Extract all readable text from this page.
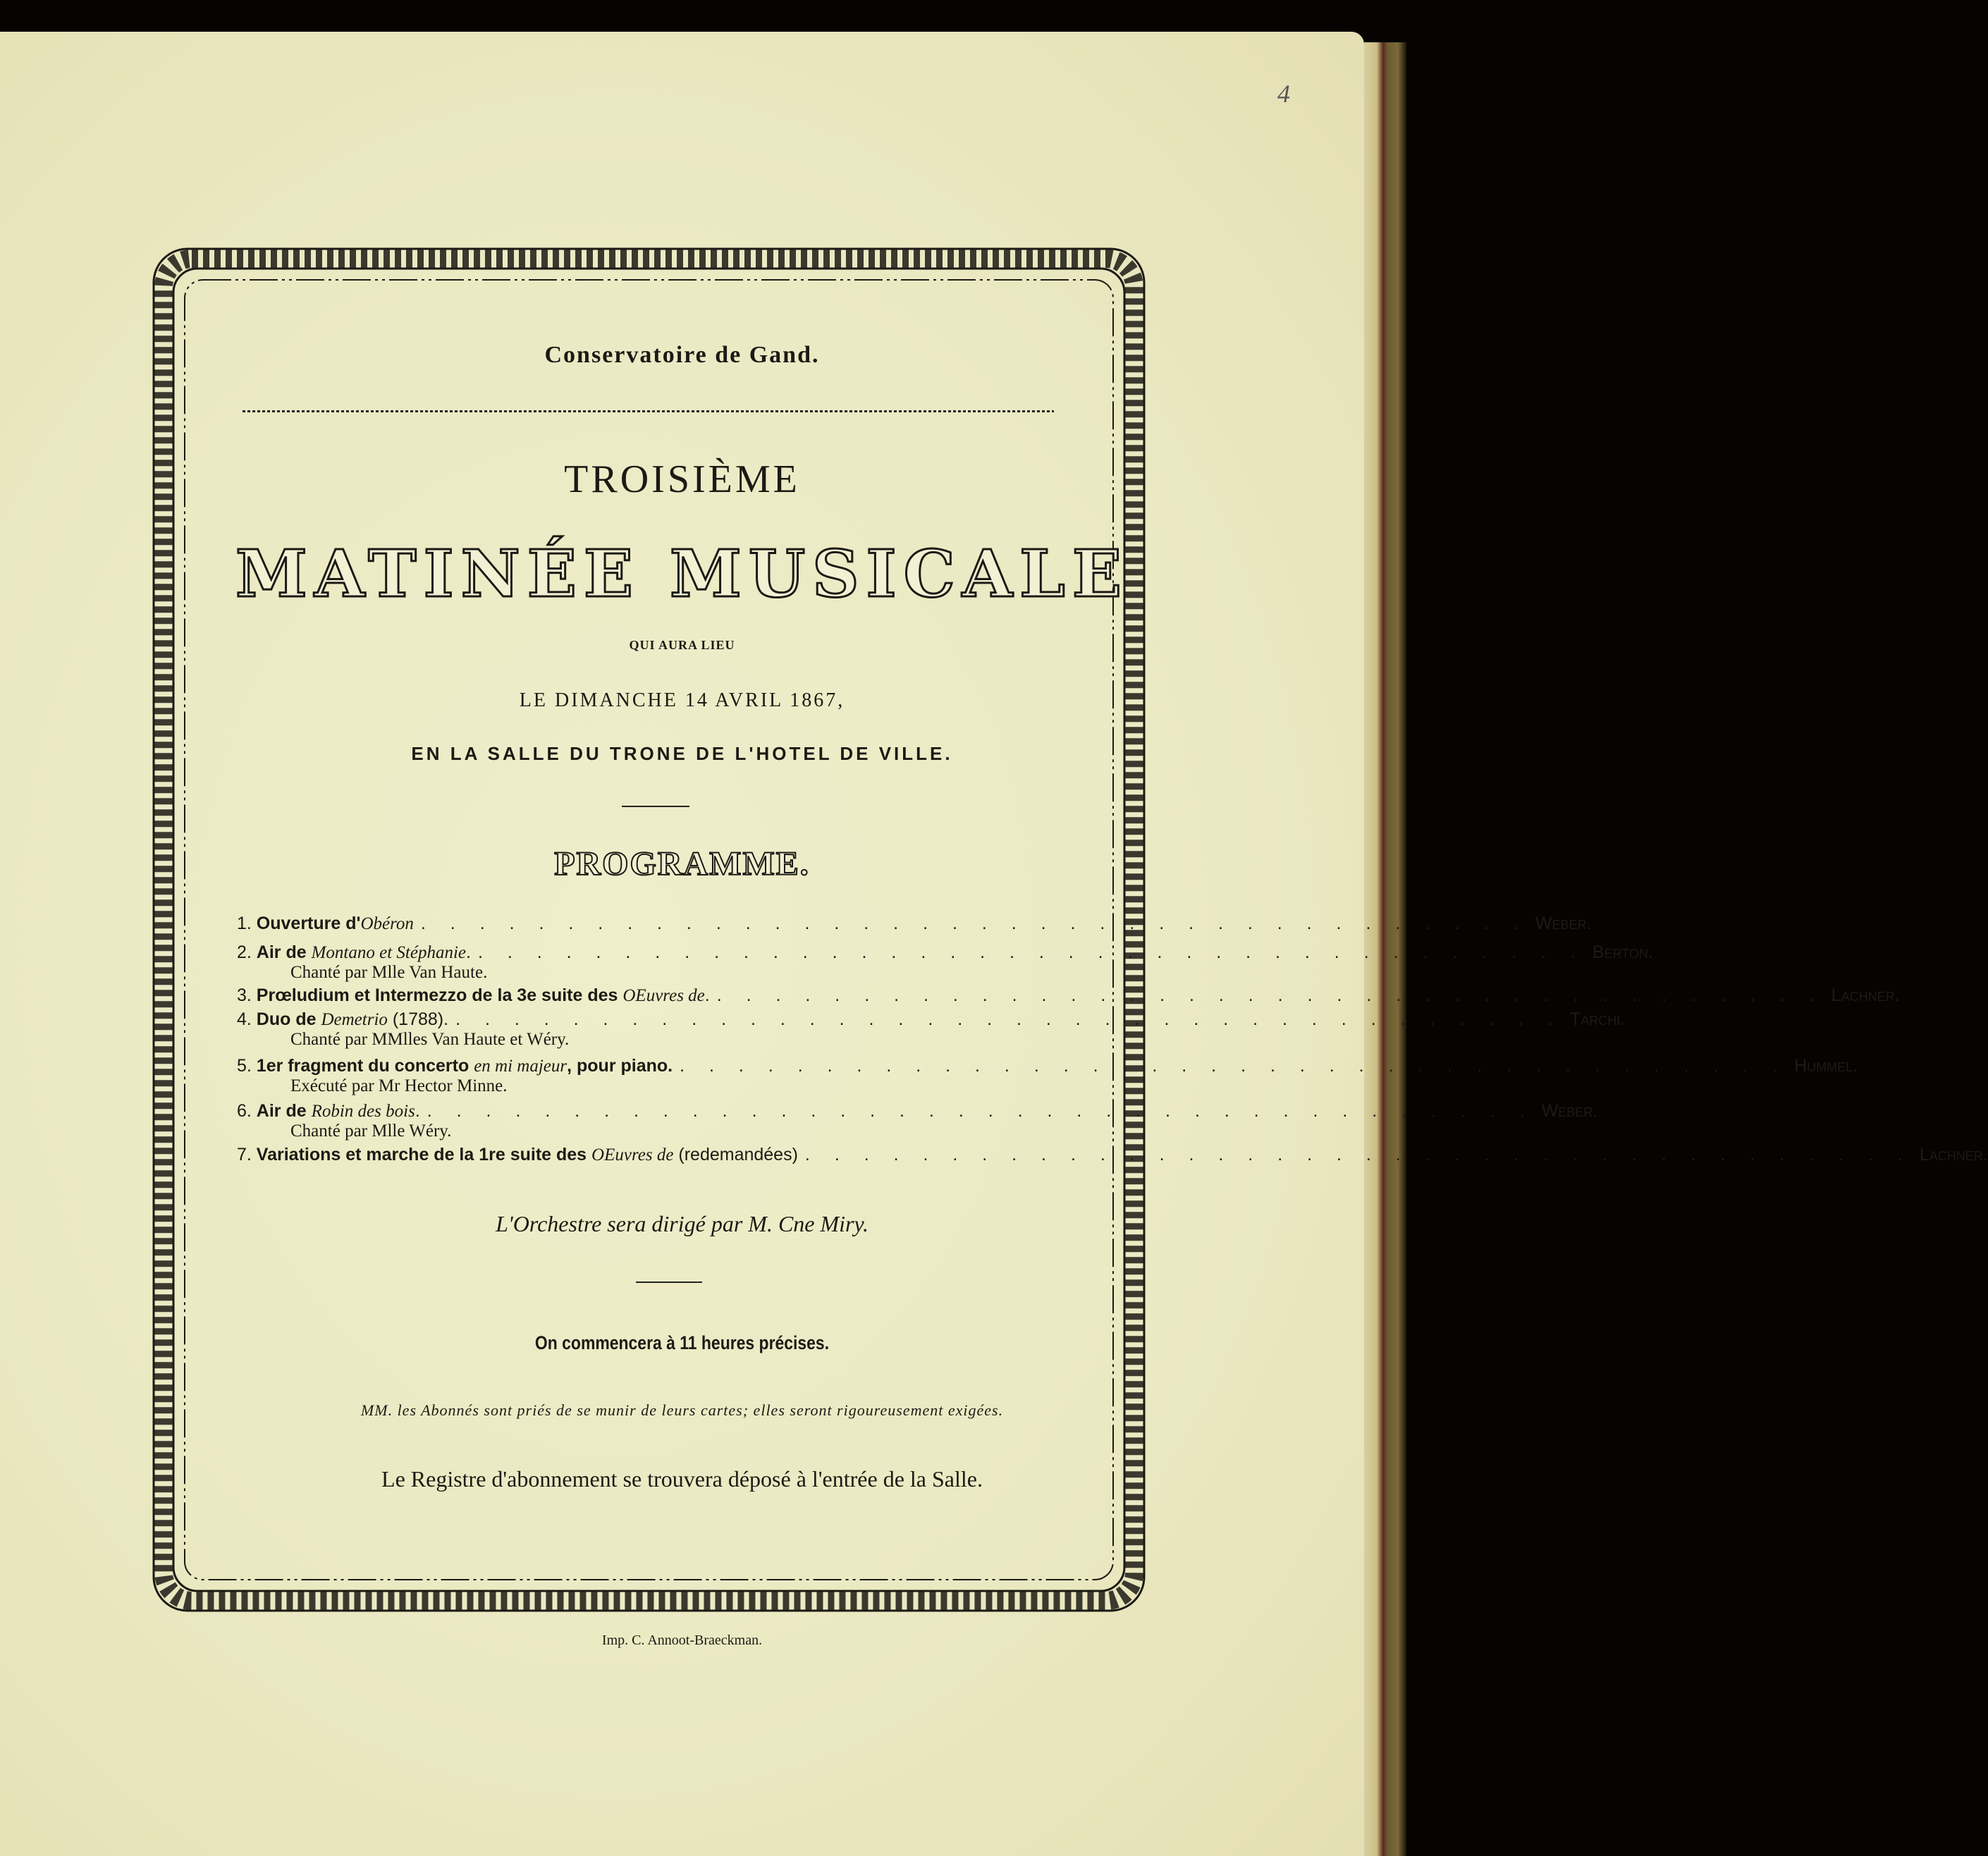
4
Conservatoire de Gand.
TROISIÈME
MATINÉE MUSICALE
QUI AURA LIEU
LE DIMANCHE 14 AVRIL 1867,
EN LA SALLE DU TRONE DE L'HOTEL DE VILLE.
PROGRAMME.
1. Ouverture d'Obéron . . . . . . . . . . . . . . . . . . . . . . . . . . . . . . . . . . . . . . Weber.
2. Air de Montano et Stéphanie. . . . . . . . . . . . . . . . . . . . . . . . . . . . . . . . . . . . . . . Berton.
Chanté par Mlle Van Haute.
3. Prœludium et Intermezzo de la 3e suite des OEuvres de. . . . . . . . . . . . . . . . . . . . . . . . . . . . . . . . . . . . . . . Lachner.
4. Duo de Demetrio (1788). . . . . . . . . . . . . . . . . . . . . . . . . . . . . . . . . . . . . . . Tarchi.
Chanté par MMlles Van Haute et Wéry.
5. 1er fragment du concerto en mi majeur, pour piano. . . . . . . . . . . . . . . . . . . . . . . . . . . . . . . . . . . . . . . Hummel.
Exécuté par Mr Hector Minne.
6. Air de Robin des bois. . . . . . . . . . . . . . . . . . . . . . . . . . . . . . . . . . . . . . . Weber.
Chanté par Mlle Wéry.
7. Variations et marche de la 1re suite des OEuvres de (redemandées) . . . . . . . . . . . . . . . . . . . . . . . . . . . . . . . . . . . . . . Lachner.
L'Orchestre sera dirigé par M. Cne Miry.
On commencera à 11 heures précises.
MM. les Abonnés sont priés de se munir de leurs cartes; elles seront rigoureusement exigées.
Le Registre d'abonnement se trouvera déposé à l'entrée de la Salle.
Imp. C. Annoot-Braeckman.
